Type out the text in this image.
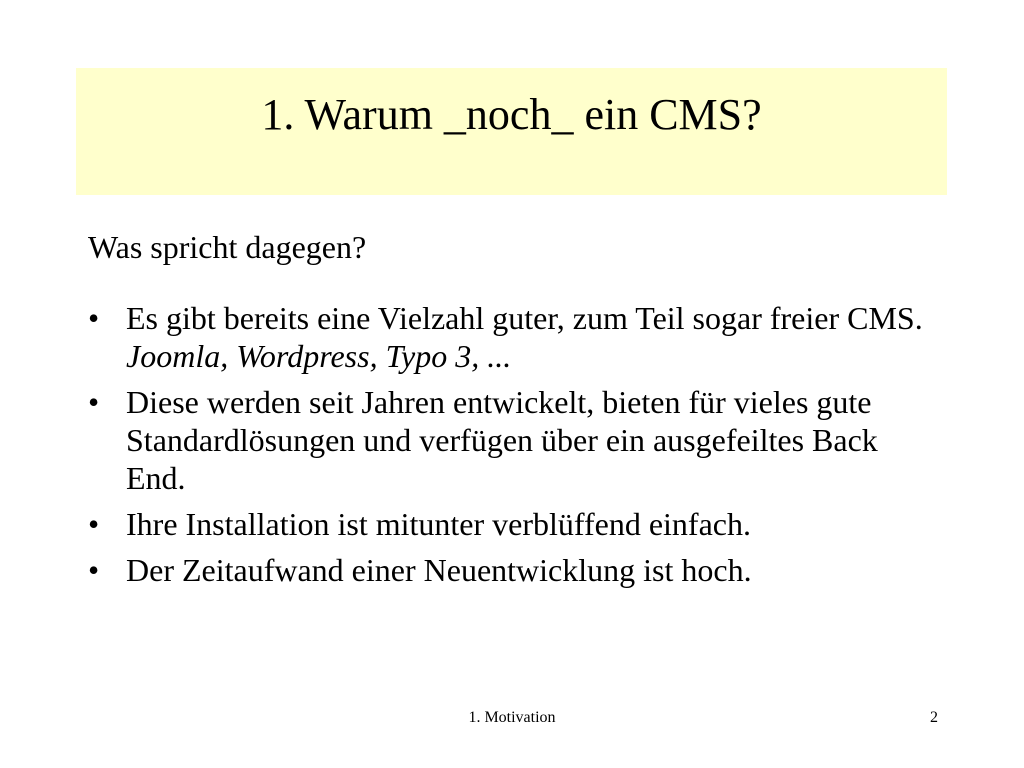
1. Warum _noch_ ein CMS?

Was spricht dagegen?

• Es gibt bereits eine Vielzahl guter, zum Teil sogar freier CMS. Joomla, Wordpress, Typo 3, ...
• Diese werden seit Jahren entwickelt, bieten für vieles gute Standardlösungen und verfügen über ein ausgefeiltes Back End.
• Ihre Installation ist mitunter verblüffend einfach.
• Der Zeitaufwand einer Neuentwicklung ist hoch.
1. Motivation	2
